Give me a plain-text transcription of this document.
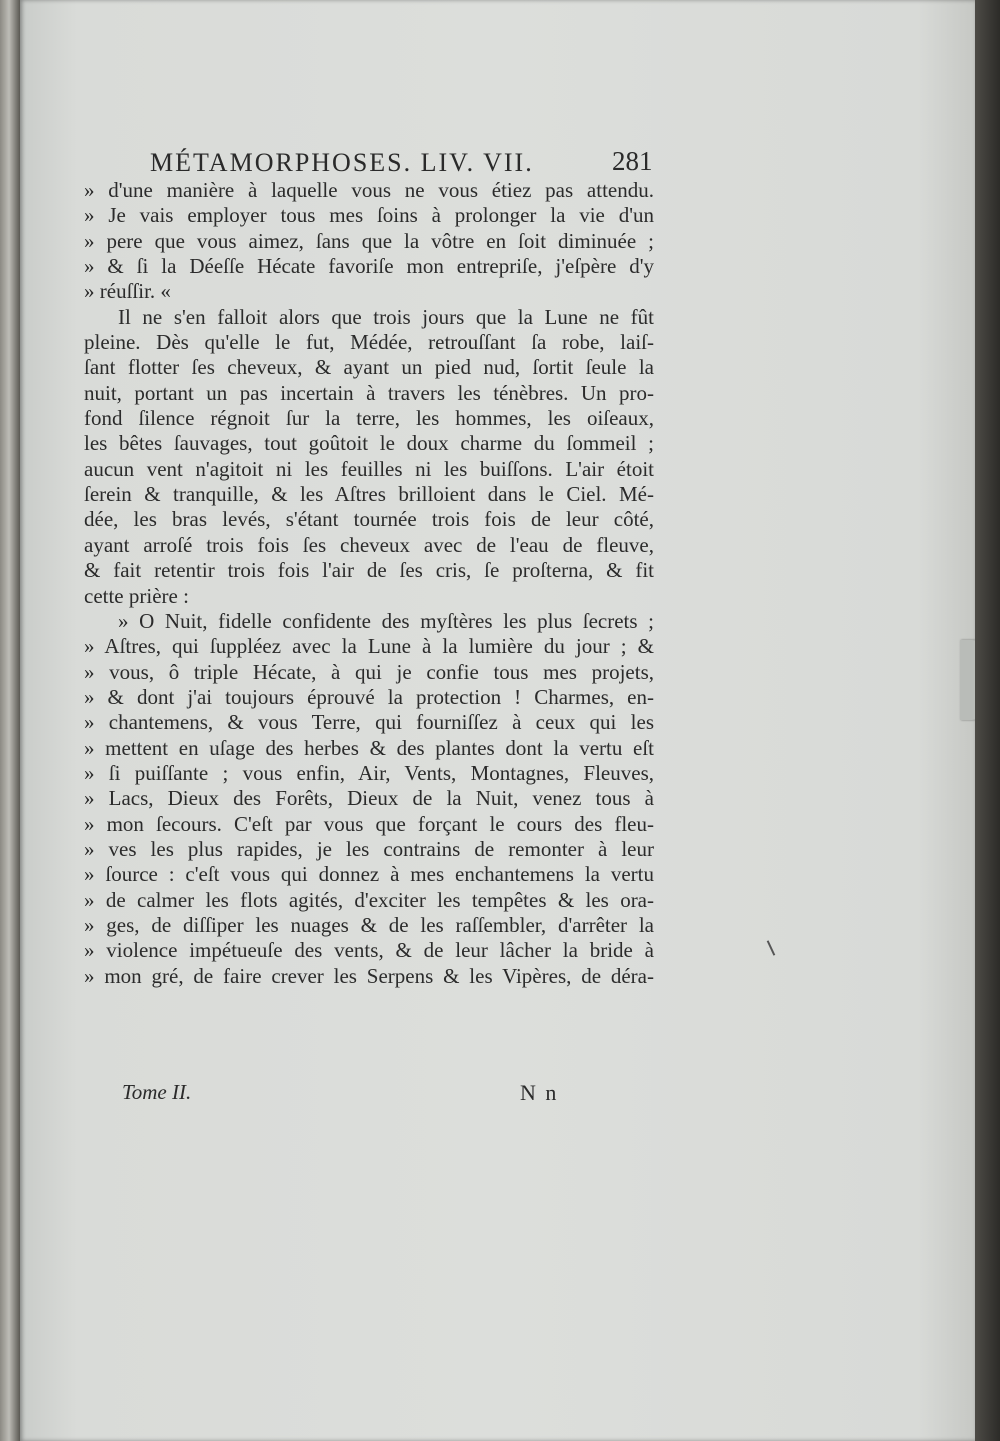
MÉTAMORPHOSES. LIV. VII.	281
» d'une manière à laquelle vous ne vous étiez pas attendu.
» Je vais employer tous mes ſoins à prolonger la vie d'un
» pere que vous aimez, ſans que la vôtre en ſoit diminuée ;
» & ſi la Déeſſe Hécate favoriſe mon entrepriſe, j'eſpère d'y
» réuſſir. «
Il ne s'en falloit alors que trois jours que la Lune ne fût
pleine. Dès qu'elle le fut, Médée, retrouſſant ſa robe, laiſ-
ſant flotter ſes cheveux, & ayant un pied nud, ſortit ſeule la
nuit, portant un pas incertain à travers les ténèbres. Un pro-
fond ſilence régnoit ſur la terre, les hommes, les oiſeaux,
les bêtes ſauvages, tout goûtoit le doux charme du ſommeil ;
aucun vent n'agitoit ni les feuilles ni les buiſſons. L'air étoit
ſerein & tranquille, & les Aſtres brilloient dans le Ciel. Mé-
dée, les bras levés, s'étant tournée trois fois de leur côté,
ayant arroſé trois fois ſes cheveux avec de l'eau de fleuve,
& fait retentir trois fois l'air de ſes cris, ſe proſterna, & fit
cette prière :
» O Nuit, fidelle confidente des myſtères les plus ſecrets ;
» Aſtres, qui ſuppléez avec la Lune à la lumière du jour ; &
» vous, ô triple Hécate, à qui je confie tous mes projets,
» & dont j'ai toujours éprouvé la protection ! Charmes, en-
» chantemens, & vous Terre, qui fourniſſez à ceux qui les
» mettent en uſage des herbes & des plantes dont la vertu eſt
» ſi puiſſante ; vous enfin, Air, Vents, Montagnes, Fleuves,
» Lacs, Dieux des Forêts, Dieux de la Nuit, venez tous à
» mon ſecours. C'eſt par vous que forçant le cours des fleu-
» ves les plus rapides, je les contrains de remonter à leur
» ſource : c'eſt vous qui donnez à mes enchantemens la vertu
» de calmer les flots agités, d'exciter les tempêtes & les ora-
» ges, de diſſiper les nuages & de les raſſembler, d'arrêter la
» violence impétueuſe des vents, & de leur lâcher la bride à
» mon gré, de faire crever les Serpens & les Vipères, de déra-
Tome II.	N n
